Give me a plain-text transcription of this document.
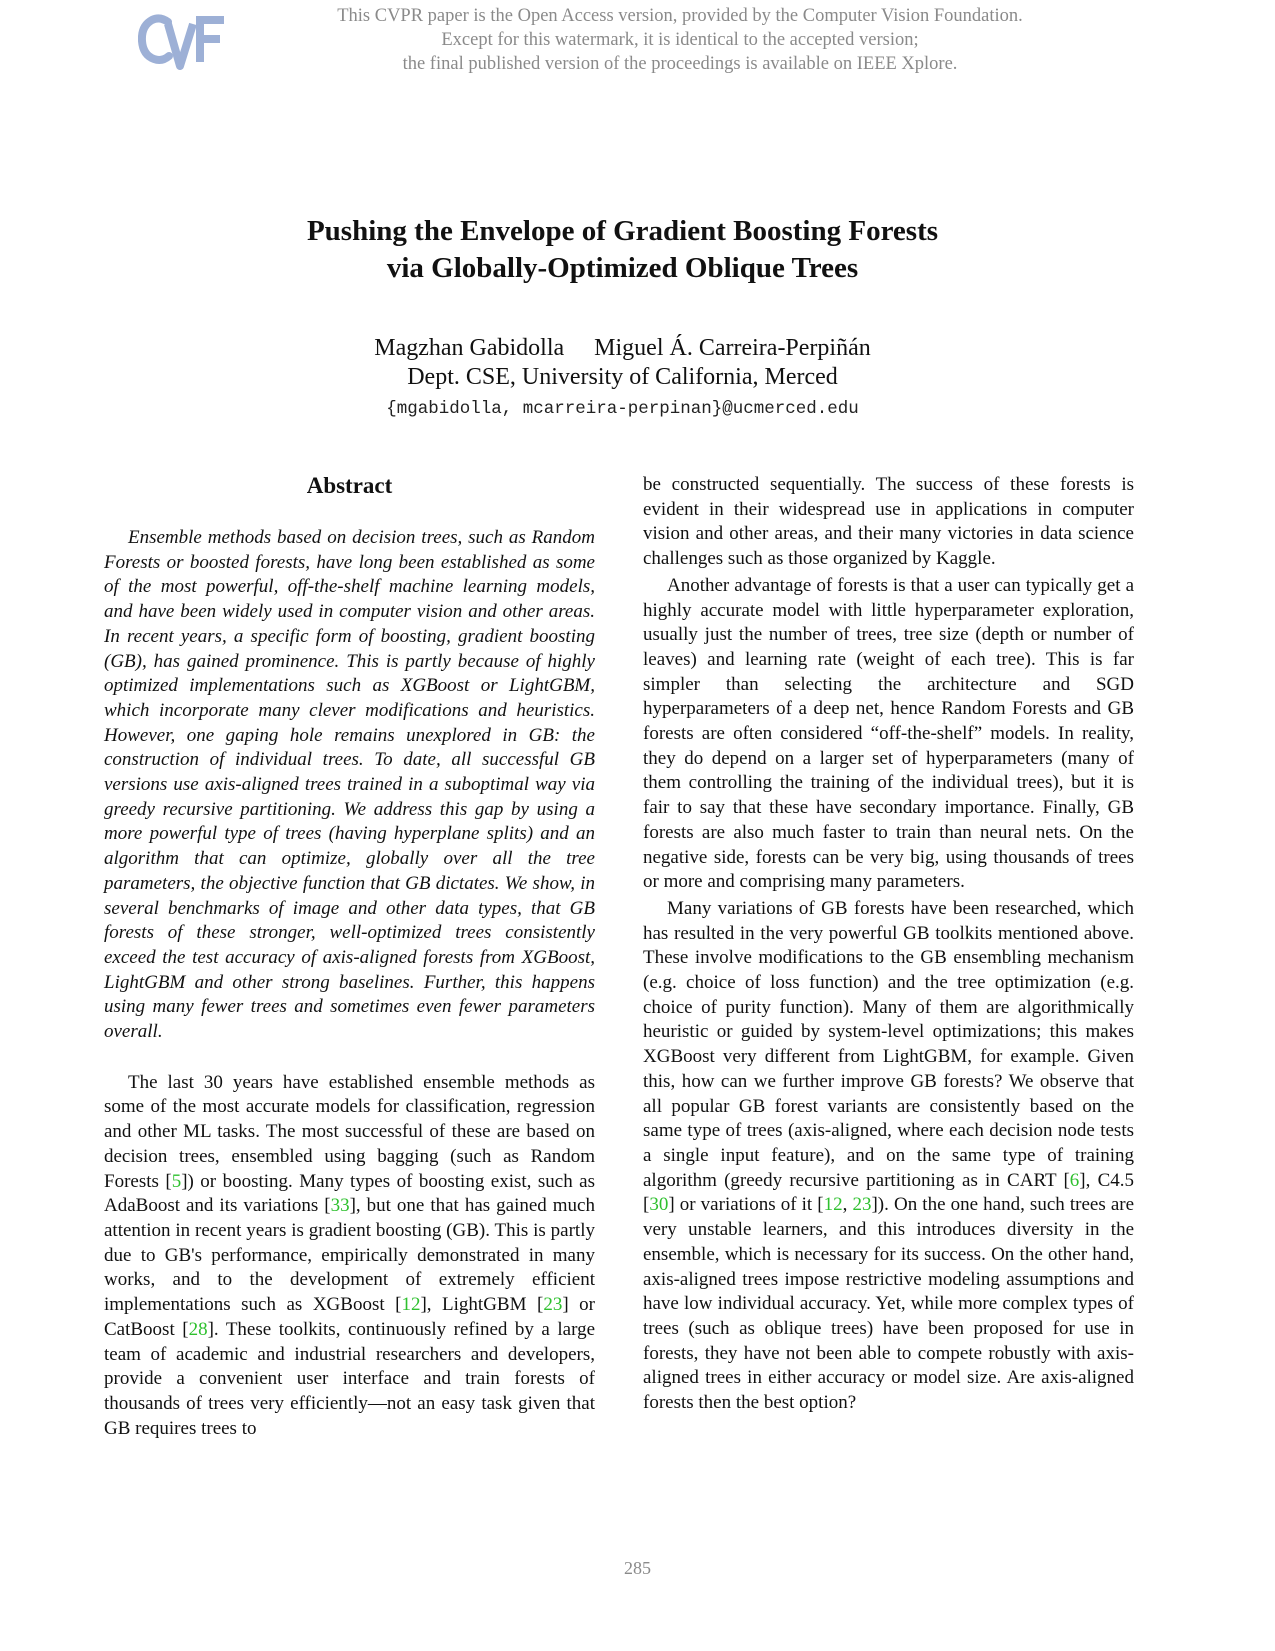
This CVPR paper is the Open Access version, provided by the Computer Vision Foundation.
Except for this watermark, it is identical to the accepted version;
the final published version of the proceedings is available on IEEE Xplore.
Pushing the Envelope of Gradient Boosting Forests
via Globally-Optimized Oblique Trees
Magzhan Gabidolla Miguel Á. Carreira-Perpiñán
Dept. CSE, University of California, Merced
{mgabidolla, mcarreira-perpinan}@ucmerced.edu
Abstract

Ensemble methods based on decision trees, such as Random Forests or boosted forests, have long been established as some of the most powerful, off-the-shelf machine learning models, and have been widely used in computer vision and other areas. In recent years, a specific form of boosting, gradient boosting (GB), has gained prominence. This is partly because of highly optimized implementations such as XGBoost or LightGBM, which incorporate many clever modifications and heuristics. However, one gaping hole remains unexplored in GB: the construction of individual trees. To date, all successful GB versions use axis-aligned trees trained in a suboptimal way via greedy recursive partitioning. We address this gap by using a more powerful type of trees (having hyperplane splits) and an algorithm that can optimize, globally over all the tree parameters, the objective function that GB dictates. We show, in several benchmarks of image and other data types, that GB forests of these stronger, well-optimized trees consistently exceed the test accuracy of axis-aligned forests from XGBoost, LightGBM and other strong baselines. Further, this happens using many fewer trees and sometimes even fewer parameters overall.

The last 30 years have established ensemble methods as some of the most accurate models for classification, regression and other ML tasks. The most successful of these are based on decision trees, ensembled using bagging (such as Random Forests [5]) or boosting. Many types of boosting exist, such as AdaBoost and its variations [33], but one that has gained much attention in recent years is gradient boosting (GB). This is partly due to GB's performance, empirically demonstrated in many works, and to the development of extremely efficient implementations such as XGBoost [12], LightGBM [23] or CatBoost [28]. These toolkits, continuously refined by a large team of academic and industrial researchers and developers, provide a convenient user interface and train forests of thousands of trees very efficiently—not an easy task given that GB requires trees to

be constructed sequentially. The success of these forests is evident in their widespread use in applications in computer vision and other areas, and their many victories in data science challenges such as those organized by Kaggle.

Another advantage of forests is that a user can typically get a highly accurate model with little hyperparameter exploration, usually just the number of trees, tree size (depth or number of leaves) and learning rate (weight of each tree). This is far simpler than selecting the architecture and SGD hyperparameters of a deep net, hence Random Forests and GB forests are often considered “off-the-shelf” models. In reality, they do depend on a larger set of hyperparameters (many of them controlling the training of the individual trees), but it is fair to say that these have secondary importance. Finally, GB forests are also much faster to train than neural nets. On the negative side, forests can be very big, using thousands of trees or more and comprising many parameters.

Many variations of GB forests have been researched, which has resulted in the very powerful GB toolkits mentioned above. These involve modifications to the GB ensembling mechanism (e.g. choice of loss function) and the tree optimization (e.g. choice of purity function). Many of them are algorithmically heuristic or guided by system-level optimizations; this makes XGBoost very different from LightGBM, for example. Given this, how can we further improve GB forests? We observe that all popular GB forest variants are consistently based on the same type of trees (axis-aligned, where each decision node tests a single input feature), and on the same type of training algorithm (greedy recursive partitioning as in CART [6], C4.5 [30] or variations of it [12, 23]). On the one hand, such trees are very unstable learners, and this introduces diversity in the ensemble, which is necessary for its success. On the other hand, axis-aligned trees impose restrictive modeling assumptions and have low individual accuracy. Yet, while more complex types of trees (such as oblique trees) have been proposed for use in forests, they have not been able to compete robustly with axis-aligned trees in either accuracy or model size. Are axis-aligned forests then the best option?

285
